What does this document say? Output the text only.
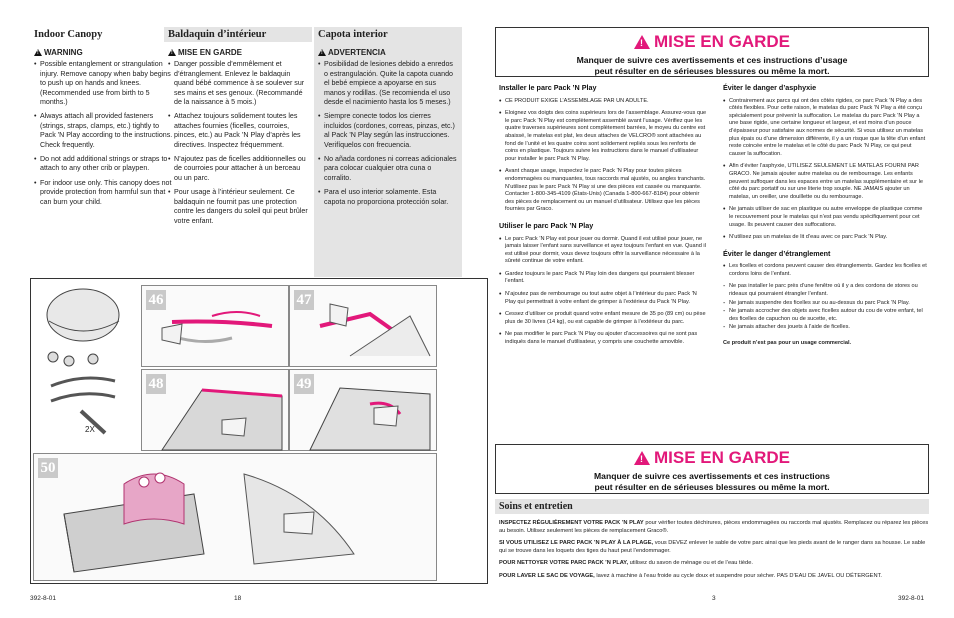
Indoor Canopy
!
WARNING
• Possible entanglement or strangulation injury. Remove canopy when baby begins to push up on hands and knees. (Recommended use from birth to 5 months.)
• Always attach all provided fasteners (strings, straps, clamps, etc.) tightly to Pack 'N Play according to the instructions. Check frequently.
• Do not add additional strings or straps to attach to any other crib or playpen.
• For indoor use only. This canopy does not provide protection from harmful sun that can burn your child.
Baldaquin d’intérieur
!
MISE EN GARDE
• Danger possible d’emmêlement et d’étranglement. Enlevez le baldaquin quand bébé commence à se soulever sur ses mains et ses genoux. (Recommandé de la naissance à 5 mois.)
• Attachez toujours solidement toutes les attaches fournies (ficelles, courroies, pinces, etc.) au Pack ’N Play d’après les directives. Inspectez fréquemment.
• N’ajoutez pas de ficelles additionnelles ou de courroies pour attacher à un berceau ou un parc.
• Pour usage à l’intérieur seulement. Ce baldaquin ne fournit pas une protection contre les dangers du soleil qui peut brûler votre enfant.
Capota interior
!
ADVERTENCIA
• Posibilidad de lesiones debido a enredos o estrangulación. Quite la capota cuando el bebé empiece a apoyarse en sus manos y rodillas. (Se recomienda el uso desde el nacimiento hasta los 5 meses.)
• Siempre conecte todos los cierres incluidos (cordones, correas, pinzas, etc.) al Pack ’N Play según las instrucciones. Verifíquelos con frecuencia.
• No añada cordones ni correas adicionales para colocar cualquier otra cuna o corralito.
• Para el uso interior solamente. Esta capota no proporciona protección solar.
2X
46	47
48	49
50
392-8-01	18
!
MISE EN GARDE
Manquer de suivre ces avertissements et ces instructions d’usage
peut résulter en de sérieuses blessures ou même la mort.
Installer le parc Pack ’N Play
• CE PRODUIT EXIGE L’ASSEMBLAGE PAR UN ADULTE.
• Eloignez vos doigts des coins supérieurs lors de l’assemblage. Assurez-vous que le parc Pack ’N Play est complètement assemblé avant l’usage. Vérifiez que les quatre traverses supérieures sont complètement barrées, le moyeu du centre est abaissé, le matelas est plat, les deux attaches de VELCRO® sont attachées au fond de l’unité et les quatre coins sont solidement repliés sous les renforts de coins en plastique. Toujours suivre les instructions dans le manuel d’utilisateur pour installer le parc Pack ’N Play.
• Avant chaque usage, inspectez le parc Pack ’N Play pour toutes pièces endommagées ou manquantes, tous raccords mal ajustés, ou angles tranchants. N’utilisez pas le parc Pack ’N Play si une des pièces est cassée ou manquante. Contacter 1-800-345-4109 (États-Unis) (Canada 1-800-667-8184) pour obtenir des pièces de remplacement ou un manuel d’utilisateur. Utilisez que les pièces fournies par Graco.
Utiliser le parc Pack ’N Play
• Le parc Pack ’N Play est pour jouer ou dormir. Quand il est utilisé pour jouer, ne jamais laisser l’enfant sans surveillance et ayez toujours l’enfant en vue. Quand il est utilisé pour dormir, vous devez toujours offrir la surveillance nécessaire à la sûreté continue de votre enfant.
• Gardez toujours le parc Pack ’N Play loin des dangers qui pourraient blesser l’enfant.
• N’ajoutez pas de rembourrage ou tout autre objet à l’intérieur du parc Pack ’N Play qui permettrait à votre enfant de grimper à l’extérieur du Pack ’N Play.
• Cessez d’utiliser ce produit quand votre enfant mesure de 35 po (89 cm) ou pèse plus de 30 livres (14 kg), ou est capable de grimper à l’extérieur du parc.
• Ne pas modifier le parc Pack ’N Play ou ajouter d’accessoires qui ne sont pas indiqués dans le manuel d’utilisateur, y compris une couchette amovible.
Éviter le danger d’asphyxie
• Contrairement aux parcs qui ont des côtés rigides, ce parc Pack ’N Play a des côtés flexibles. Pour cette raison, le matelas du parc Pack ’N Play a été conçu spécialement pour prévenir la suffocation. Le matelas du parc Pack ’N Play a une base rigide, une certaine longueur et largeur, et est moins d’un pouce d’épaisseur pour satisfaire aux normes de sécurité. Si vous utilisez un matelas plus épais ou d’une dimension différente, il y a un risque que la tête d’un enfant reste coincée entre le matelas et le côté du parc Pack ’N Play, ce qui peut causer la suffocation.
• Afin d’éviter l’asphyxie, UTILISEZ SEULEMENT LE MATELAS FOURNI PAR GRACO. Ne jamais ajouter autre matelas ou de rembourrage. Les enfants peuvent suffoquer dans les espaces entre un matelas supplémentaire et sur le côté du parc portatif ou sur une literie trop souple. NE JAMAIS ajouter un matelas, un oreiller, une douillette ou du rembourrage.
• Ne jamais utiliser de sac en plastique ou autre enveloppe de plastique comme le recouvrement pour le matelas qui n’est pas vendu spécifiquement pour cet usage. Ils peuvent causer des suffocations.
• N’utilisez pas un matelas de lit d’eau avec ce parc Pack ’N Play.
Éviter le danger d’étranglement
• Les ficelles et cordons peuvent causer des étranglements. Gardez les ficelles et cordons loins de l’enfant.
- Ne pas installer le parc près d’une fenêtre où il y a des cordons de stores ou rideaux qui pourraient étrangler l’enfant.
- Ne jamais suspendre des ficelles sur ou au-dessus du parc Pack ’N Play.
- Ne jamais accrocher des objets avec ficelles autour du cou de votre enfant, tel des ficelles de capuchon ou de sucette, etc.
- Ne jamais attacher des jouets à l’aide de ficelles.
Ce produit n’est pas pour un usage commercial.
!
MISE EN GARDE
Manquer de suivre ces avertissements et ces instructions
peut résulter en de sérieuses blessures ou même la mort.
Soins et entretien

INSPECTEZ RÉGULIÈREMENT VOTRE PACK ’N PLAY pour vérifier toutes déchirures, pièces endommagées ou raccords mal ajustés. Remplacez ou réparez les pièces au besoin. Utilisez seulement les pièces de remplacement Graco®.

SI VOUS UTILISEZ LE PARC PACK ’N PLAY À LA PLAGE, vous DEVEZ enlever le sable de votre parc ainsi que les pieds avant de le ranger dans sa housse. Le sable qui se trouve dans les loquets des tiges du haut peut l’endommager.

POUR NETTOYER VOTRE PARC PACK ’N PLAY, utilisez du savon de ménage ou et de l’eau tiède.

POUR LAVER LE SAC DE VOYAGE, lavez à machine à l’eau froide au cycle doux et suspendre pour sécher. PAS D’EAU DE JAVEL OU DÉTERGENT.

3	392-8-01
